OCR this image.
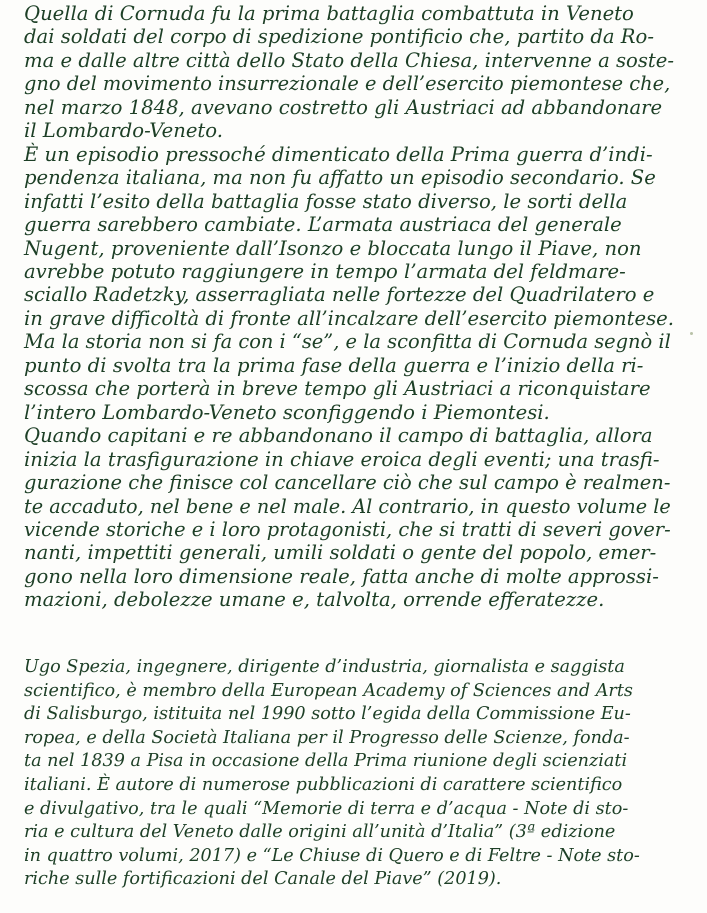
Quella di Cornuda fu la prima battaglia combattuta in Veneto
dai soldati del corpo di spedizione pontificio che, partito da Ro-
ma e dalle altre città dello Stato della Chiesa, intervenne a soste-
gno del movimento insurrezionale e dell’esercito piemontese che,
nel marzo 1848, avevano costretto gli Austriaci ad abbandonare
il Lombardo-Veneto.
È un episodio pressoché dimenticato della Prima guerra d’indi-
pendenza italiana, ma non fu affatto un episodio secondario. Se
infatti l’esito della battaglia fosse stato diverso, le sorti della
guerra sarebbero cambiate. L’armata austriaca del generale
Nugent, proveniente dall’Isonzo e bloccata lungo il Piave, non
avrebbe potuto raggiungere in tempo l’armata del feldmare-
sciallo Radetzky, asserragliata nelle fortezze del Quadrilatero e
in grave difficoltà di fronte all’incalzare dell’esercito piemontese.
Ma la storia non si fa con i “se”, e la sconfitta di Cornuda segnò il
punto di svolta tra la prima fase della guerra e l’inizio della ri-
scossa che porterà in breve tempo gli Austriaci a riconquistare
l’intero Lombardo-Veneto sconfiggendo i Piemontesi.
Quando capitani e re abbandonano il campo di battaglia, allora
inizia la trasfigurazione in chiave eroica degli eventi; una trasfi-
gurazione che finisce col cancellare ciò che sul campo è realmen-
te accaduto, nel bene e nel male. Al contrario, in questo volume le
vicende storiche e i loro protagonisti, che si tratti di severi gover-
nanti, impettiti generali, umili soldati o gente del popolo, emer-
gono nella loro dimensione reale, fatta anche di molte approssi-
mazioni, debolezze umane e, talvolta, orrende efferatezze.
Ugo Spezia, ingegnere, dirigente d’industria, giornalista e saggista
scientifico, è membro della European Academy of Sciences and Arts
di Salisburgo, istituita nel 1990 sotto l’egida della Commissione Eu-
ropea, e della Società Italiana per il Progresso delle Scienze, fonda-
ta nel 1839 a Pisa in occasione della Prima riunione degli scienziati
italiani. È autore di numerose pubblicazioni di carattere scientifico
e divulgativo, tra le quali “Memorie di terra e d’acqua - Note di sto-
ria e cultura del Veneto dalle origini all’unità d’Italia” (3ª edizione
in quattro volumi, 2017) e “Le Chiuse di Quero e di Feltre - Note sto-
riche sulle fortificazioni del Canale del Piave” (2019).
